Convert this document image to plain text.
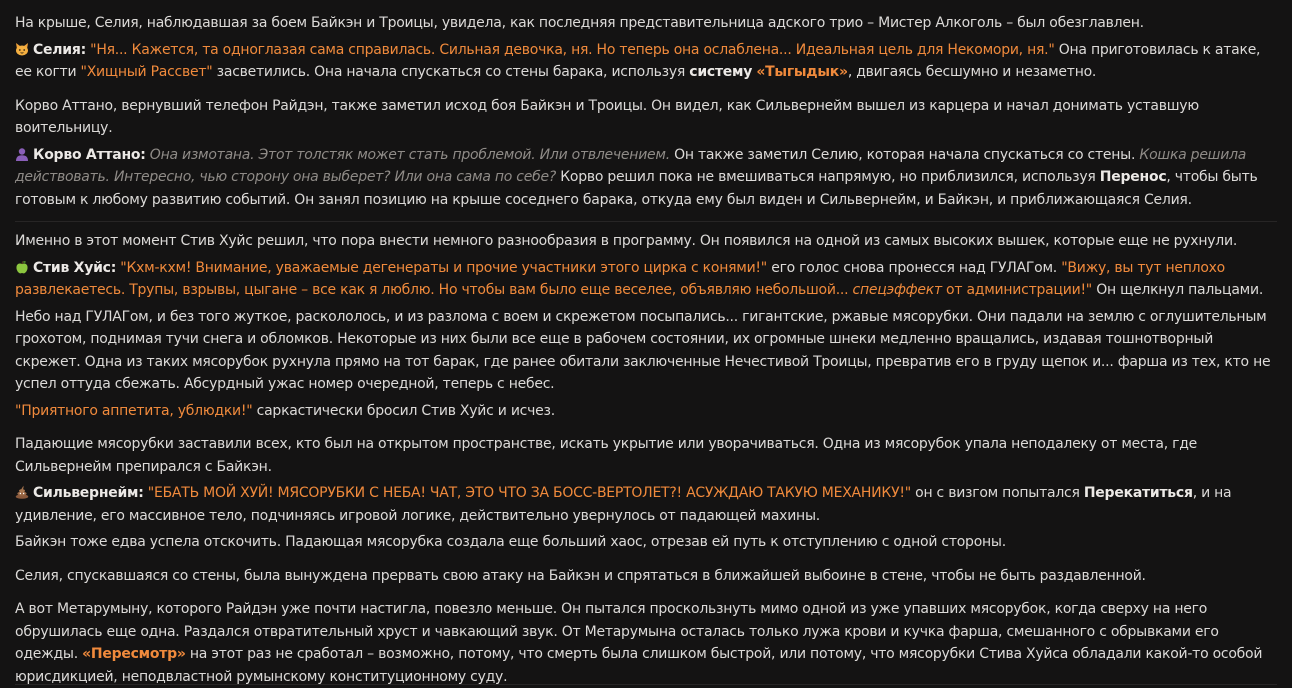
На крыше, Селия, наблюдавшая за боем Байкэн и Троицы, увидела, как последняя представительница адского трио – Мистер Алкоголь – был обезглавлен.

Селия: "Ня... Кажется, та одноглазая сама справилась. Сильная девочка, ня. Но теперь она ослаблена... Идеальная цель для Некомори, ня." Она приготовилась к атаке, ее когти "Хищный Рассвет" засветились. Она начала спускаться со стены барака, используя систему «Тыгыдык», двигаясь бесшумно и незаметно.

Корво Аттано, вернувший телефон Райдэн, также заметил исход боя Байкэн и Троицы. Он видел, как Сильвернейм вышел из карцера и начал донимать уставшую воительницу.

Корво Аттано: Она измотана. Этот толстяк может стать проблемой. Или отвлечением. Он также заметил Селию, которая начала спускаться со стены. Кошка решила действовать. Интересно, чью сторону она выберет? Или она сама по себе? Корво решил пока не вмешиваться напрямую, но приблизился, используя Перенос, чтобы быть готовым к любому развитию событий. Он занял позицию на крыше соседнего барака, откуда ему был виден и Сильвернейм, и Байкэн, и приближающаяся Селия.

Именно в этот момент Стив Хуйс решил, что пора внести немного разнообразия в программу. Он появился на одной из самых высоких вышек, которые еще не рухнули.

Стив Хуйс: "Кхм-кхм! Внимание, уважаемые дегенераты и прочие участники этого цирка с конями!" его голос снова пронесся над ГУЛАГом. "Вижу, вы тут неплохо развлекаетесь. Трупы, взрывы, цыгане – все как я люблю. Но чтобы вам было еще веселее, объявляю небольшой... спецэффект от администрации!" Он щелкнул пальцами.

Небо над ГУЛАГом, и без того жуткое, раскололось, и из разлома с воем и скрежетом посыпались... гигантские, ржавые мясорубки. Они падали на землю с оглушительным грохотом, поднимая тучи снега и обломков. Некоторые из них были все еще в рабочем состоянии, их огромные шнеки медленно вращались, издавая тошнотворный скрежет. Одна из таких мясорубок рухнула прямо на тот барак, где ранее обитали заключенные Нечестивой Троицы, превратив его в груду щепок и... фарша из тех, кто не успел оттуда сбежать. Абсурдный ужас номер очередной, теперь с небес.

"Приятного аппетита, ублюдки!" саркастически бросил Стив Хуйс и исчез.

Падающие мясорубки заставили всех, кто был на открытом пространстве, искать укрытие или уворачиваться. Одна из мясорубок упала неподалеку от места, где Сильвернейм препирался с Байкэн.

Сильвернейм: "ЕБАТЬ МОЙ ХУЙ! МЯСОРУБКИ С НЕБА! ЧАТ, ЭТО ЧТО ЗА БОСС-ВЕРТОЛЕТ?! АСУЖДАЮ ТАКУЮ МЕХАНИКУ!" он с визгом попытался Перекатиться, и на удивление, его массивное тело, подчиняясь игровой логике, действительно увернулось от падающей махины.

Байкэн тоже едва успела отскочить. Падающая мясорубка создала еще больший хаос, отрезав ей путь к отступлению с одной стороны.

Селия, спускавшаяся со стены, была вынуждена прервать свою атаку на Байкэн и спрятаться в ближайшей выбоине в стене, чтобы не быть раздавленной.

А вот Метарумыну, которого Райдэн уже почти настигла, повезло меньше. Он пытался проскользнуть мимо одной из уже упавших мясорубок, когда сверху на него обрушилась еще одна. Раздался отвратительный хруст и чавкающий звук. От Метарумына осталась только лужа крови и кучка фарша, смешанного с обрывками его одежды. «Пересмотр» на этот раз не сработал – возможно, потому, что смерть была слишком быстрой, или потому, что мясорубки Стива Хуйса обладали какой-то особой юрисдикцией, неподвластной румынскому конституционному суду.
